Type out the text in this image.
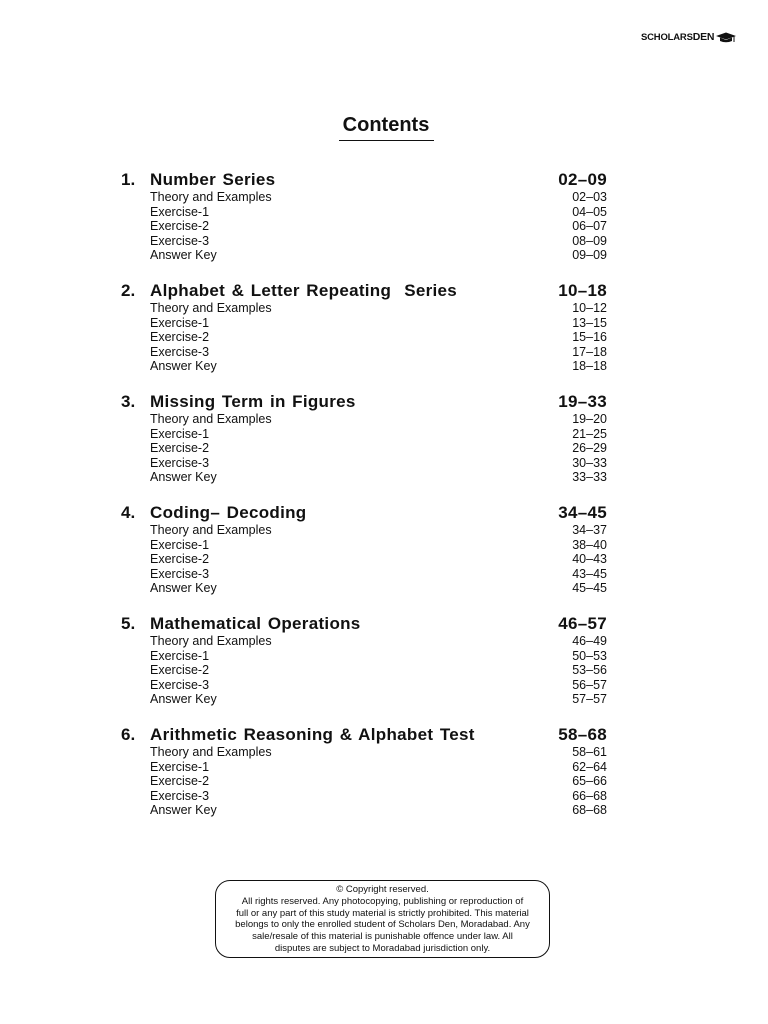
SCHOLARS DEN
Contents
1. Number Series	02–09
Theory and Examples	02–03
Exercise-1	04–05
Exercise-2	06–07
Exercise-3	08–09
Answer Key	09–09
2. Alphabet & Letter Repeating  Series	10–18
Theory and Examples	10–12
Exercise-1	13–15
Exercise-2	15–16
Exercise-3	17–18
Answer Key	18–18
3. Missing Term in Figures	19–33
Theory and Examples	19–20
Exercise-1	21–25
Exercise-2	26–29
Exercise-3	30–33
Answer Key	33–33
4. Coding– Decoding	34–45
Theory and Examples	34–37
Exercise-1	38–40
Exercise-2	40–43
Exercise-3	43–45
Answer Key	45–45
5. Mathematical Operations	46–57
Theory and Examples	46–49
Exercise-1	50–53
Exercise-2	53–56
Exercise-3	56–57
Answer Key	57–57
6. Arithmetic Reasoning & Alphabet Test	58–68
Theory and Examples	58–61
Exercise-1	62–64
Exercise-2	65–66
Exercise-3	66–68
Answer Key	68–68
© Copyright reserved.
All rights reserved. Any photocopying, publishing or reproduction of
full or any part of this study material is strictly prohibited. This material
belongs to only the enrolled student of Scholars Den, Moradabad. Any
sale/resale of this material is punishable offence under law. All
disputes are subject to Moradabad jurisdiction only.
